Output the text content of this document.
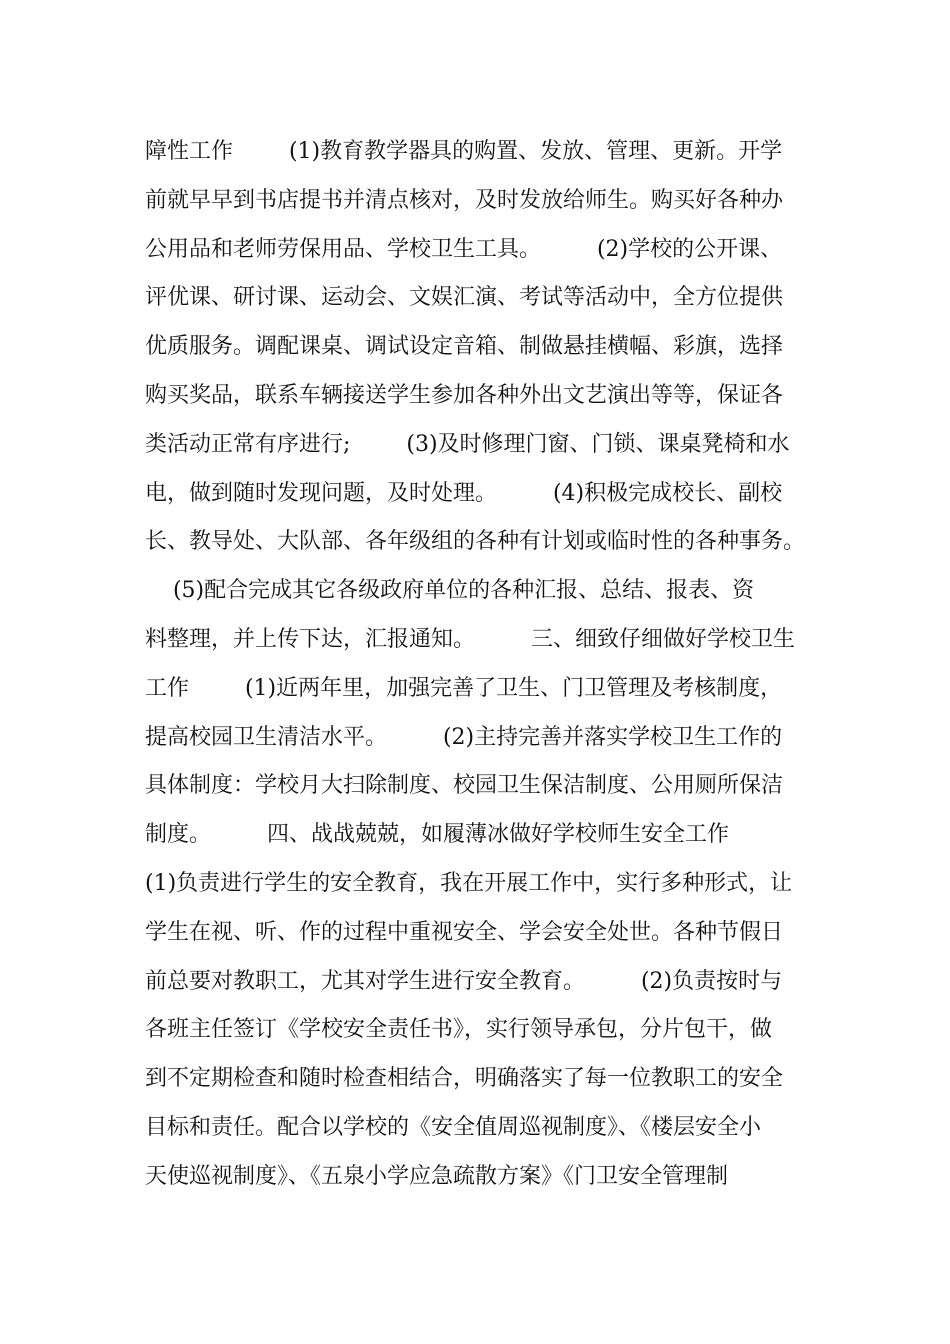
障性工作        (1)教育教学器具的购置、发放、管理、更新。开学
前就早早到书店提书并清点核对，及时发放给师生。购买好各种办
公用品和老师劳保用品、学校卫生工具。        (2)学校的公开课、
评优课、研讨课、运动会、文娱汇演、考试等活动中，全方位提供
优质服务。调配课桌、调试设定音箱、制做悬挂横幅、彩旗，选择
购买奖品，联系车辆接送学生参加各种外出文艺演出等等，保证各
类活动正常有序进行;        (3)及时修理门窗、门锁、课桌凳椅和水
电，做到随时发现问题，及时处理。        (4)积极完成校长、副校
长、教导处、大队部、各年级组的各种有计划或临时性的各种事务。
(5)配合完成其它各级政府单位的各种汇报、总结、报表、资
料整理，并上传下达，汇报通知。        三、细致仔细做好学校卫生
工作        (1)近两年里，加强完善了卫生、门卫管理及考核制度，
提高校园卫生清洁水平。        (2)主持完善并落实学校卫生工作的
具体制度：学校月大扫除制度、校园卫生保洁制度、公用厕所保洁
制度。        四、战战兢兢，如履薄冰做好学校师生安全工作
(1)负责进行学生的安全教育，我在开展工作中，实行多种形式，让
学生在视、听、作的过程中重视安全、学会安全处世。各种节假日
前总要对教职工，尤其对学生进行安全教育。        (2)负责按时与
各班主任签订《学校安全责任书》，实行领导承包，分片包干，做
到不定期检查和随时检查相结合，明确落实了每一位教职工的安全
目标和责任。配合以学校的《安全值周巡视制度》、《楼层安全小
天使巡视制度》、《五泉小学应急疏散方案》《门卫安全管理制
